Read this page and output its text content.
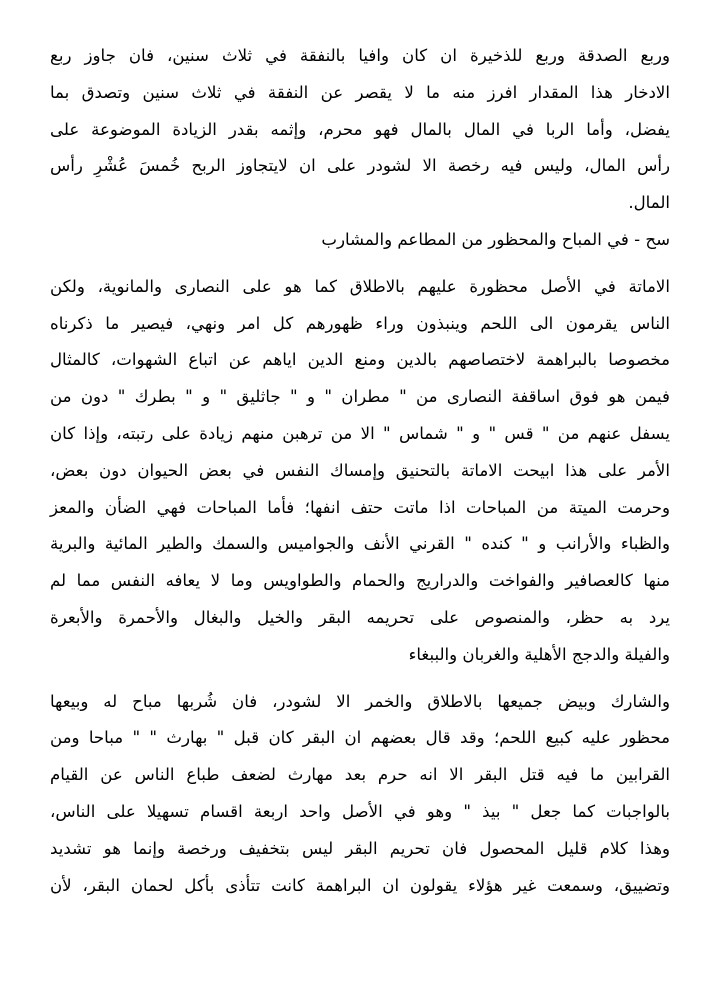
وربع الصدقة وربع للذخيرة ان كان وافيا بالنفقة في ثلاث سنين، فان جاوز ربع
الادخار هذا المقدار افرز منه ما لا يقصر عن النفقة في ثلاث سنين وتصدق بما
يفضل، وأما الربا في المال بالمال فهو محرم، وإثمه بقدر الزيادة الموضوعة على
رأس المال، وليس فيه رخصة الا لشودر على ان لايتجاوز الربح خُمسَ عُشْرِ رأس
المال.
سح - في المباح والمحظور من المطاعم والمشارب
الاماتة في الأصل محظورة عليهم بالاطلاق كما هو على النصارى والمانوية، ولكن
الناس يقرمون الى اللحم وينبذون وراء ظهورهم كل امر ونهي، فيصير ما ذكرناه
مخصوصا بالبراهمة لاختصاصهم بالدين ومنع الدين اياهم عن اتباع الشهوات، كالمثال
فيمن هو فوق اساقفة النصارى من " مطران " و " جاثليق " و " بطرك " دون من
يسفل عنهم من " قس " و " شماس " الا من ترهبن منهم زيادة على رتبته، وإذا كان
الأمر على هذا ابيحت الاماتة بالتحنيق وإمساك النفس في بعض الحيوان دون بعض،
وحرمت الميتة من المباحات اذا ماتت حتف انفها؛ فأما المباحات فهي الضأن والمعز
والظباء والأرانب و " كنده " القرني الأنف والجواميس والسمك والطير المائية والبرية
منها كالعصافير والفواخت والدراريج والحمام والطواويس وما لا يعافه النفس مما لم
يرد به حظر، والمنصوص على تحريمه البقر والخيل والبغال والأحمرة والأبعرة
والفيلة والدجج الأهلية والغربان والببغاء
والشارك وبيض جميعها بالاطلاق والخمر الا لشودر، فان شُربها مباح له وبيعها
محظور عليه كبيع اللحم؛ وقد قال بعضهم ان البقر كان قبل " بهارث " " مباحا ومن
القرابين ما فيه قتل البقر الا انه حرم بعد مهارث لضعف طباع الناس عن القيام
بالواجبات كما جعل " بيذ " وهو في الأصل واحد اربعة اقسام تسهيلا على الناس،
وهذا كلام قليل المحصول فان تحريم البقر ليس بتخفيف ورخصة وإنما هو تشديد
وتضييق، وسمعت غير هؤلاء يقولون ان البراهمة كانت تتأذى بأكل لحمان البقر، لأن
